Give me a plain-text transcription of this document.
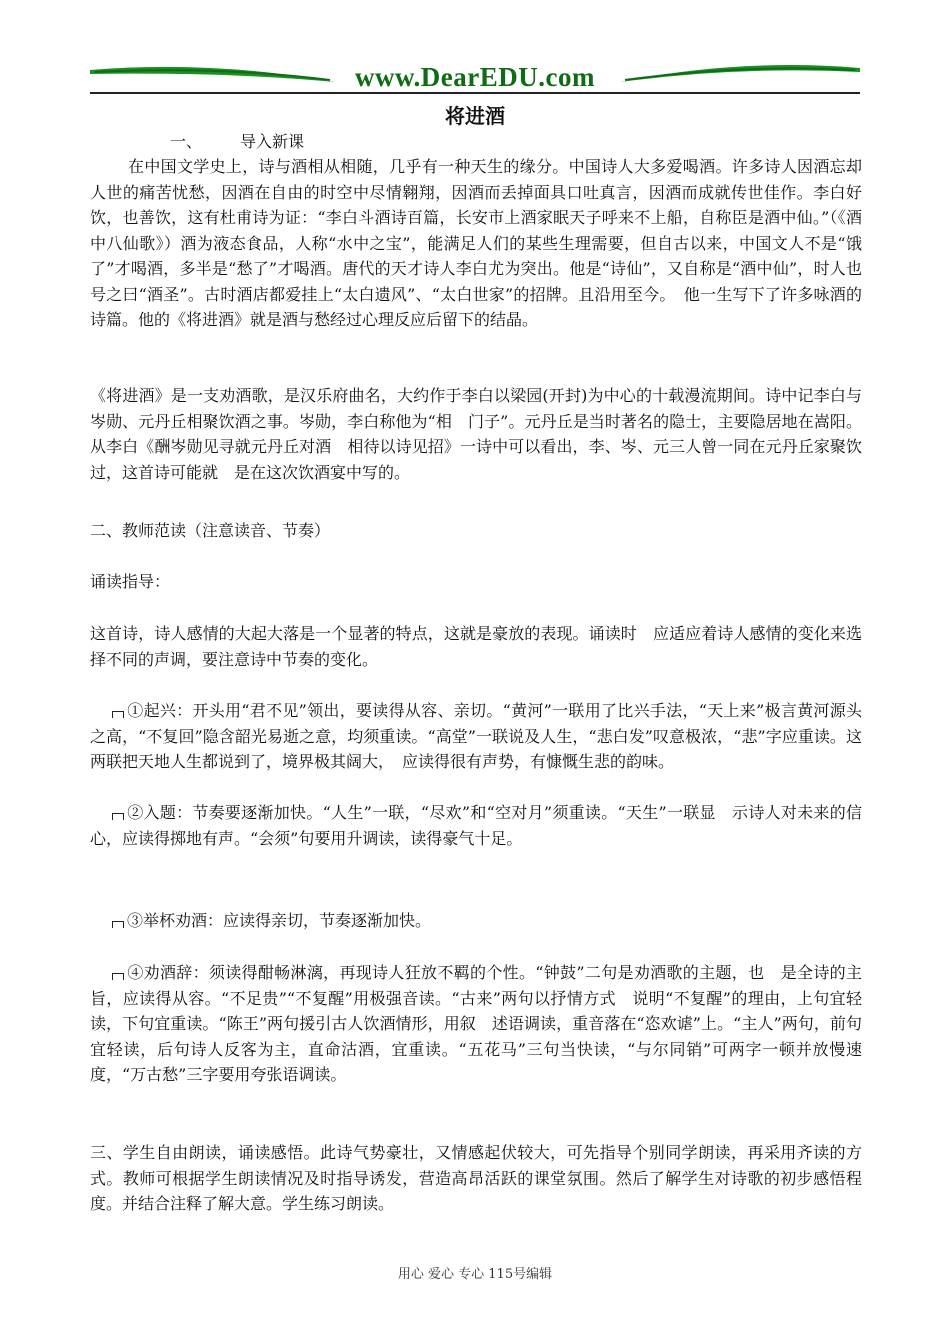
www.DearEDU.com
将进酒
一、 导入新课

在中国文学史上，诗与酒相从相随，几乎有一种天生的缘分。中国诗人大多爱喝酒。许多诗人因酒忘却人世的痛苦忧愁，因酒在自由的时空中尽情翱翔，因酒而丢掉面具口吐真言，因酒而成就传世佳作。李白好饮，也善饮，这有杜甫诗为证：“李白斗酒诗百篇，长安市上酒家眠天子呼来不上船，自称臣是酒中仙。”（《酒中八仙歌》）酒为液态食品，人称“水中之宝”，能满足人们的某些生理需要，但自古以来，中国文人不是“饿了”才喝酒，多半是“愁了”才喝酒。唐代的天才诗人李白尤为突出。他是“诗仙”，又自称是“酒中仙”，时人也号之曰“酒圣”。古时酒店都爱挂上“太白遗风”、“太白世家”的招牌。且沿用至今。　他一生写下了许多咏酒的诗篇。他的《将进酒》就是酒与愁经过心理反应后留下的结晶。

《将进酒》是一支劝酒歌，是汉乐府曲名，大约作于李白以梁园(开封)为中心的十载漫流期间。诗中记李白与岑勋、元丹丘相聚饮酒之事。岑勋，李白称他为“相　门子”。元丹丘是当时著名的隐士，主要隐居地在嵩阳。从李白《酬岑勋见寻就元丹丘对酒　相待以诗见招》一诗中可以看出，李、岑、元三人曾一同在元丹丘家聚饮过，这首诗可能就　是在这次饮酒宴中写的。

二、教师范读（注意读音、节奏）

诵读指导：

这首诗，诗人感情的大起大落是一个显著的特点，这就是豪放的表现。诵读时　应适应着诗人感情的变化来选择不同的声调，要注意诗中节奏的变化。

①起兴：开头用“君不见”领出，要读得从容、亲切。“黄河”一联用了比兴手法，“天上来”极言黄河源头之高，“不复回”隐含韶光易逝之意，均须重读。“高堂”一联说及人生，“悲白发”叹意极浓，“悲”字应重读。这两联把天地人生都说到了，境界极其阔大，　应读得很有声势，有慷慨生悲的韵味。

②入题：节奏要逐渐加快。“人生”一联，“尽欢”和“空对月”须重读。“天生”一联显　示诗人对未来的信心，应读得掷地有声。“会须”句要用升调读，读得豪气十足。

③举杯劝酒：应读得亲切，节奏逐渐加快。

④劝酒辞：须读得酣畅淋漓，再现诗人狂放不羁的个性。“钟鼓”二句是劝酒歌的主题，也　是全诗的主旨，应读得从容。“不足贵”“不复醒”用极强音读。“古来”两句以抒情方式　说明“不复醒”的理由，上句宜轻读，下句宜重读。“陈王”两句援引古人饮酒情形，用叙　述语调读，重音落在“恣欢谑”上。“主人”两句，前句宜轻读，后句诗人反客为主，直命沽酒，宜重读。“五花马”三句当快读，“与尔同销”可两字一顿并放慢速度，“万古愁”三字要用夸张语调读。

三、学生自由朗读，诵读感悟。此诗气势豪壮，又情感起伏较大，可先指导个别同学朗读，再采用齐读的方式。教师可根据学生朗读情况及时指导诱发，营造高昂活跃的课堂氛围。然后了解学生对诗歌的初步感悟程度。并结合注释了解大意。学生练习朗读。

用心 爱心 专心 115号编辑
